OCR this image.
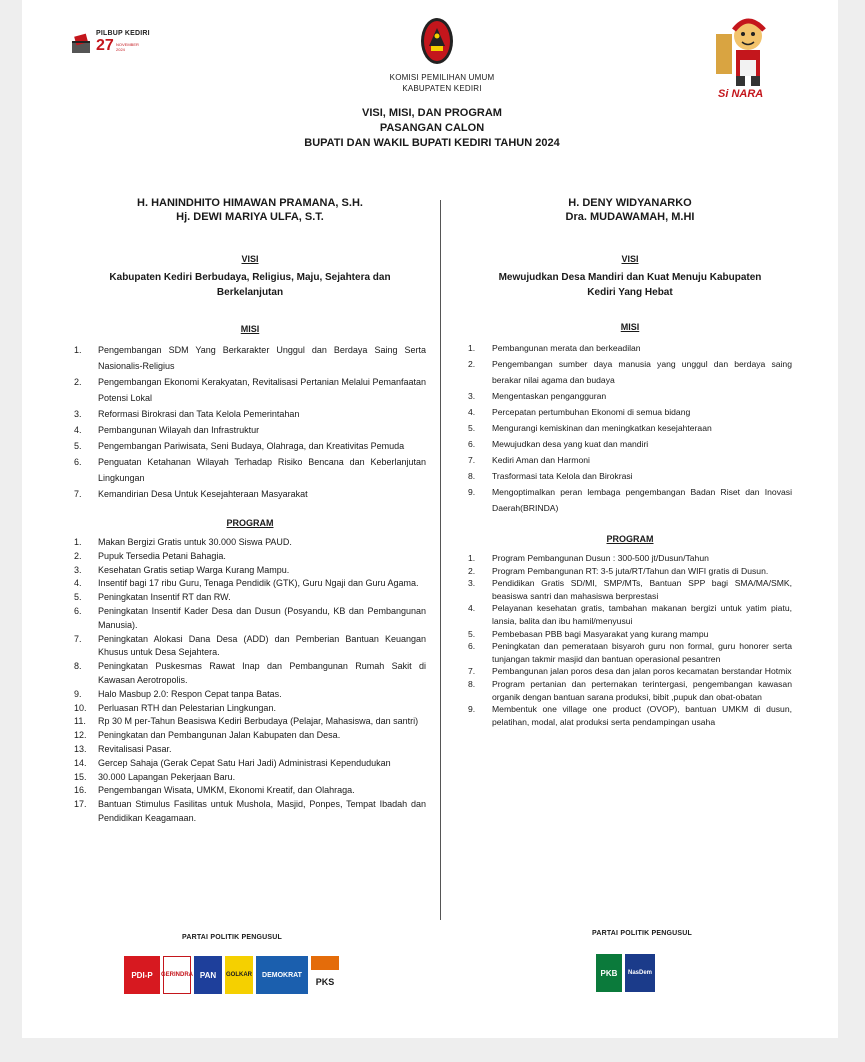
PILBUP KEDIRI
27 NOVEMBER 2024
Si NARA
KOMISI PEMILIHAN UMUM
KABUPATEN KEDIRI
VISI, MISI, DAN PROGRAM
PASANGAN CALON
BUPATI DAN WAKIL BUPATI KEDIRI TAHUN 2024
H. HANINDHITO HIMAWAN PRAMANA, S.H.
Hj. DEWI MARIYA ULFA, S.T.
VISI
Kabupaten Kediri Berbudaya, Religius, Maju, Sejahtera dan Berkelanjutan
MISI
1.	Pengembangan SDM Yang Berkarakter Unggul dan Berdaya Saing Serta Nasionalis-Religius
2.	Pengembangan Ekonomi Kerakyatan, Revitalisasi Pertanian Melalui Pemanfaatan Potensi Lokal
3.	Reformasi Birokrasi dan Tata Kelola Pemerintahan
4.	Pembangunan Wilayah dan Infrastruktur
5.	Pengembangan Pariwisata, Seni Budaya, Olahraga, dan Kreativitas Pemuda
6.	Penguatan Ketahanan Wilayah Terhadap Risiko Bencana dan Keberlanjutan Lingkungan
7.	Kemandirian Desa Untuk Kesejahteraan Masyarakat
PROGRAM
1.	Makan Bergizi Gratis untuk 30.000 Siswa PAUD.
2.	Pupuk Tersedia Petani Bahagia.
3.	Kesehatan Gratis setiap Warga Kurang Mampu.
4.	Insentif bagi 17 ribu Guru, Tenaga Pendidik (GTK), Guru Ngaji dan Guru Agama.
5.	Peningkatan Insentif RT dan RW.
6.	Peningkatan Insentif Kader Desa dan Dusun (Posyandu, KB dan Pembangunan Manusia).
7.	Peningkatan Alokasi Dana Desa (ADD) dan Pemberian Bantuan Keuangan Khusus untuk Desa Sejahtera.
8.	Peningkatan Puskesmas Rawat Inap dan Pembangunan Rumah Sakit di Kawasan Aerotropolis.
9.	Halo Masbup 2.0: Respon Cepat tanpa Batas.
10.	Perluasan RTH dan Pelestarian Lingkungan.
11.	Rp 30 M per-Tahun Beasiswa Kediri Berbudaya (Pelajar, Mahasiswa, dan santri)
12.	Peningkatan dan Pembangunan Jalan Kabupaten dan Desa.
13.	Revitalisasi Pasar.
14.	Gercep Sahaja (Gerak Cepat Satu Hari Jadi) Administrasi Kependudukan
15.	30.000 Lapangan Pekerjaan Baru.
16.	Pengembangan Wisata, UMKM, Ekonomi Kreatif, dan Olahraga.
17.	Bantuan Stimulus Fasilitas untuk Mushola, Masjid, Ponpes, Tempat Ibadah dan Pendidikan Keagamaan.
H. DENY WIDYANARKO
Dra. MUDAWAMAH, M.HI
VISI
Mewujudkan Desa Mandiri dan Kuat Menuju Kabupaten Kediri Yang Hebat
MISI
1.	Pembangunan merata dan berkeadilan
2.	Pengembangan sumber daya manusia yang unggul dan berdaya saing berakar nilai agama dan budaya
3.	Mengentaskan pengangguran
4.	Percepatan pertumbuhan Ekonomi di semua bidang
5.	Mengurangi kemiskinan dan meningkatkan kesejahteraan
6.	Mewujudkan desa yang kuat dan mandiri
7.	Kediri Aman dan Harmoni
8.	Trasformasi tata Kelola dan Birokrasi
9.	Mengoptimalkan peran lembaga pengembangan Badan Riset dan Inovasi Daerah(BRINDA)
PROGRAM
1.	Program Pembangunan Dusun : 300-500 jt/Dusun/Tahun
2.	Program Pembangunan RT: 3-5 juta/RT/Tahun dan WIFI gratis di Dusun.
3.	Pendidikan Gratis SD/MI, SMP/MTs, Bantuan SPP bagi SMA/MA/SMK, beasiswa santri dan mahasiswa berprestasi
4.	Pelayanan kesehatan gratis, tambahan makanan bergizi untuk yatim piatu, lansia, balita dan ibu hamil/menyusui
5.	Pembebasan PBB bagi Masyarakat yang kurang mampu
6.	Peningkatan dan pemerataan bisyaroh guru non formal, guru honorer serta tunjangan takmir masjid dan bantuan operasional pesantren
7.	Pembangunan jalan poros desa dan jalan poros kecamatan berstandar Hotmix
8.	Program pertanian dan perternakan terintergasi, pengembangan kawasan organik dengan bantuan sarana produksi, bibit ,pupuk dan obat-obatan
9.	Membentuk one village one product (OVOP), bantuan UMKM di dusun, pelatihan, modal, alat produksi serta pendampingan usaha
PARTAI POLITIK PENGUSUL
PDI-P	GERINDRA PAN	GOLKAR	DEMOKRAT
PKS
PARTAI POLITIK PENGUSUL
PKB	NasDem
